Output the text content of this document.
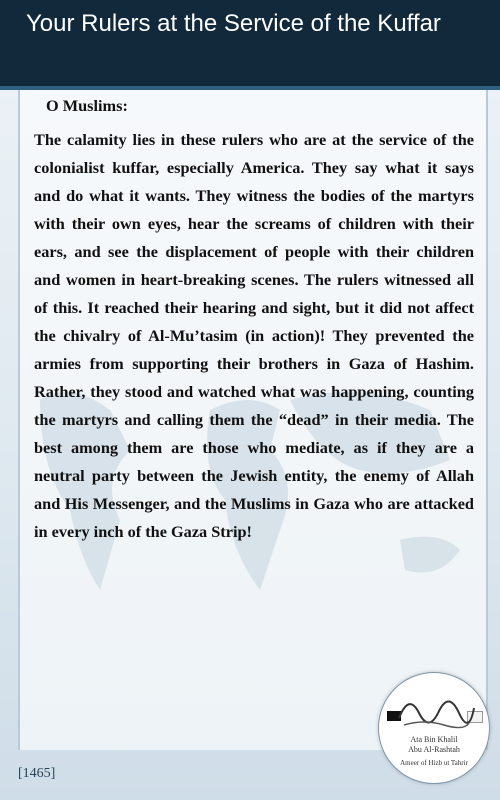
Your Rulers at the Service of the Kuffar

O Muslims:

The calamity lies in these rulers who are at the service of the colonialist kuffar, especially America. They say what it says and do what it wants. They witness the bodies of the martyrs with their own eyes, hear the screams of children with their ears, and see the displacement of people with their children and women in heart-breaking scenes. The rulers witnessed all of this. It reached their hearing and sight, but it did not affect the chivalry of Al-Mu’tasim (in action)! They prevented the armies from supporting their brothers in Gaza of Hashim. Rather, they stood and watched what was happening, counting the martyrs and calling them the “dead” in their media. The best among them are those who mediate, as if they are a neutral party between the Jewish entity, the enemy of Allah and His Messenger, and the Muslims in Gaza who are attacked in every inch of the Gaza Strip!

[1465]
Ata Bin Khalil
Abu Al-Rashtah
Ameer of Hizb ut Tahrir
